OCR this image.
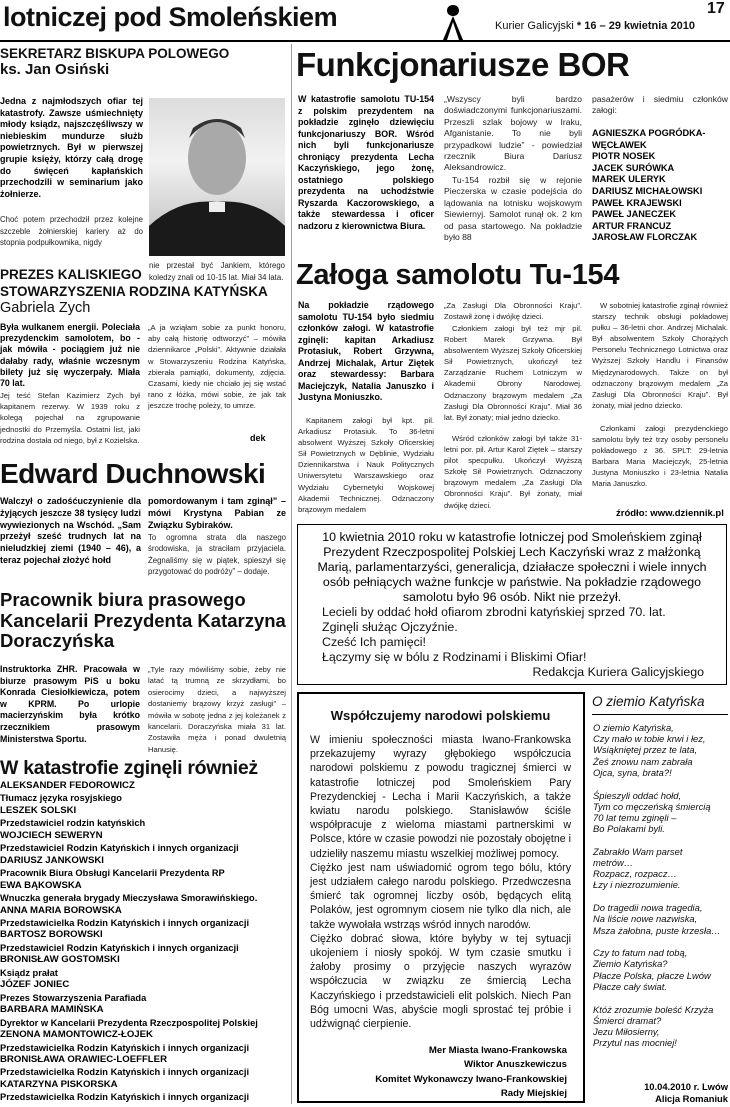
lotniczej pod Smoleńskiem	Kurier Galicyjski * 16 – 29 kwietnia 2010
17
SEKRETARZ BISKUPA POLOWEGO
ks. Jan Osiński
Jedna z najmłodszych ofiar tej katastrofy. Zawsze uśmiechnięty młody ksiądz, najszczęśliwszy w niebieskim mundurze służb powietrznych. Był w pierwszej grupie księży, którzy całą drogę do święceń kapłańskich przechodzili w seminarium jako żołnierze.
Choć potem przechodził przez kolejne szczeble żołnierskiej kariery aż do stopnia podpułkownika, nigdy
nie przestał być Jankiem, którego koledzy znali od 10-15 lat. Miał 34 lata.
PREZES KALISKIEGO STOWARZYSZENIA RODZINA KATYŃSKA
Gabriela Zych
Była wulkanem energii. Poleciała prezydenckim samolotem, bo - jak mówiła - pociągiem już nie dałaby rady, właśnie wczesnym bilety już się wyczerpały. Miała 70 lat.
Jej teść Stefan Kazimierz Zych był kapitanem rezerwy. W 1939 roku z kolegą pojechał na zgrupowanie jednostki do Przemyśla. Ostatni list, jaki rodzina dostała od niego, był z Kozielska.
„A ja wziąłam sobie za punkt honoru, aby całą historię odtworzyć” – mówiła dziennikarce „Polski”. Aktywnie działała w Stowarzyszeniu Rodzina Katyńska, zbierała pamiątki, dokumenty, zdjęcia. Czasami, kiedy nie chciało jej się wstać rano z łóżka, mówi sobie, że jak tak jeszcze trochę poleży, to umrze.
dek
Edward Duchnowski
Walczył o zadośćuczynienie dla żyjących jeszcze 38 tysięcy ludzi wywiezionych na Wschód. „Sam przeżył sześć trudnych lat na nieludzkiej ziemi (1940 – 46), a teraz pojechał złożyć hołd
pomordowanym i tam zginął” – mówi Krystyna Pabian ze Związku Sybiraków.
To ogromna strata dla naszego środowiska, ja straciłam przyjaciela. Żegnaliśmy się w piątek, spieszył się przygotować do podróży” – dodaje.
Pracownik biura prasowego Kancelarii Prezydenta Katarzyna Doraczyńska
Instruktorka ZHR. Pracowała w biurze prasowym PiS u boku Konrada Ciesiołkiewicza, potem w KPRM. Po urlopie macierzyńskim była krótko rzecznikiem prasowym Ministerstwa Sportu.
„Tyle razy mówiliśmy sobie, żeby nie latać tą trumną ze skrzydłami, bo osierocimy dzieci, a najwyższej dostaniemy brązowy krzyż zasługi” – mówiła w sobotę jedna z jej koleżanek z kancelarii. Doraczyńska miała 31 lat. Zostawiła męża i ponad dwuletnią Hanusię.
W katastrofie zginęli również
ALEKSANDER FEDOROWICZ
Tłumacz języka rosyjskiego
LESZEK SOLSKI
Przedstawiciel rodzin katyńskich
WOJCIECH SEWERYN
Przedstawiciel Rodzin Katyńskich i innych organizacji
DARIUSZ JANKOWSKI
Pracownik Biura Obsługi Kancelarii Prezydenta RP
EWA BĄKOWSKA
Wnuczka generała brygady Mieczysława Smorawińskiego.
ANNA MARIA BOROWSKA
Przedstawicielka Rodzin Katyńskich i innych organizacji
BARTOSZ BOROWSKI
Przedstawiciel Rodzin Katyńskich i innych organizacji
BRONISŁAW GOSTOMSKI
Ksiądz prałat
JÓZEF JONIEC
Prezes Stowarzyszenia Parafiada
BARBARA MAMIŃSKA
Dyrektor w Kancelarii Prezydenta Rzeczpospolitej Polskiej
ZENONA MAMONTOWICZ-ŁOJEK
Przedstawicielka Rodzin Katyńskich i innych organizacji
BRONISŁAWA ORAWIEC-LOEFFLER
Przedstawicielka Rodzin Katyńskich i innych organizacji
KATARZYNA PISKORSKA
Przedstawicielka Rodzin Katyńskich i innych organizacji
Funkcjonariusze BOR
W katastrofie samolotu TU-154 z polskim prezydentem na pokładzie zginęło dziewięciu funkcjonariuszy BOR. Wśród nich byli funkcjonariusze chroniący prezydenta Lecha Kaczyńskiego, jego żonę, ostatniego polskiego prezydenta na uchodźstwie Ryszarda Kaczorowskiego, a także stewardessa i oficer nadzoru z kierownictwa Biura.
„Wszyscy byli bardzo doświadczonymi funkcjonariuszami. Przeszli szlak bojowy w Iraku, Afganistanie. To nie byli przypadkowi ludzie” - powiedział rzecznik Biura Dariusz Aleksandrowicz.
Tu-154 rozbił się w rejonie Pieczerska w czasie podejścia do lądowania na lotnisku wojskowym Siewiernyj. Samolot runął ok. 2 km od pasa startowego. Na pokładzie było 88
pasażerów i siedmiu członków załogi:
AGNIESZKA POGRÓDKA-WĘCŁAWEK
PIOTR NOSEK
JACEK SURÓWKA
MAREK ULERYK
DARIUSZ MICHAŁOWSKI
PAWEŁ KRAJEWSKI
PAWEŁ JANECZEK
ARTUR FRANCUZ
JAROSŁAW FLORCZAK
Załoga samolotu Tu-154
Na pokładzie rządowego samolotu TU-154 było siedmiu członków załogi. W katastrofie zginęli: kapitan Arkadiusz Protasiuk, Robert Grzywna, Andrzej Michalak, Artur Ziętek oraz stewardessy: Barbara Maciejczyk, Natalia Januszko i Justyna Moniuszko.
Kapitanem załogi był kpt. pil. Arkadiusz Protasiuk. To 36-letni absolwent Wyższej Szkoły Oficerskiej Sił Powietrznych w Dęblinie, Wydziału Dziennikarstwa i Nauk Politycznych Uniwersytetu Warszawskiego oraz Wydziału Cybernetyki Wojskowej Akademii Technicznej. Odznaczony brązowym medalem
„Za Zasługi Dla Obronności Kraju”. Zostawił żonę i dwójkę dzieci.
Członkiem załogi był też mjr pil. Robert Marek Grzywna. Był absolwentem Wyższej Szkoły Oficerskiej Sił Powietrznych, ukończył też Zarządzanie Ruchem Lotniczym w Akademii Obrony Narodowej. Odznaczony brązowym medalem „Za Zasługi Dla Obronności Kraju”. Miał 36 lat. Był żonaty; miał jedno dziecko.
Wśród członków załogi był także 31-letni por. pil. Artur Karol Ziętek – starszy pilot specpułku. Ukończył Wyższą Szkołę Sił Powietrznych. Odznaczony brązowym medalem „Za Zasługi Dla Obronności Kraju”. Był żonaty, miał dwójkę dzieci.
W sobotniej katastrofie zginął również starszy technik obsługi pokładowej pułku – 36-letni chor. Andrzej Michalak. Był absolwentem Szkoły Chorążych Personelu Technicznego Lotnictwa oraz Wyższej Szkoły Handlu i Finansów Międzynarodowych. Także on był odznaczony brązowym medalem „Za Zasługi Dla Obronności Kraju”. Był żonaty, miał jedno dziecko.
Członkami załogi prezydenckiego samolotu były też trzy osoby personelu pokładowego z 36. SPLT: 29-letnia Barbara Maria Maciejczyk, 25-letnia Justyna Moniuszko i 23-letnia Natalia Maria Januszko.
źródło: www.dziennik.pl
10 kwietnia 2010 roku w katastrofie lotniczej pod Smoleńskiem zginął Prezydent Rzeczpospolitej Polskiej Lech Kaczyński wraz z małżonką Marią, parlamentarzyści, generalicja, działacze społeczni i wiele innych osób pełniących ważne funkcje w państwie. Na pokładzie rządowego samolotu było 96 osób. Nikt nie przeżył.
Lecieli by oddać hołd ofiarom zbrodni katyńskiej sprzed 70. lat.
Zginęli służąc Ojczyźnie.
Cześć Ich pamięci!
Łączymy się w bólu z Rodzinami i Bliskimi Ofiar!
Redakcja Kuriera Galicyjskiego
Współczujemy narodowi polskiemu
W imieniu społeczności miasta Iwano-Frankowska przekazujemy wyrazy głębokiego współczucia narodowi polskiemu z powodu tragicznej śmierci w katastrofie lotniczej pod Smoleńskiem Pary Prezydenckiej - Lecha i Marii Kaczyńskich, a także kwiatu narodu polskiego. Stanisławów ściśle współpracuje z wieloma miastami partnerskimi w Polsce, które w czasie powodzi nie pozostały obojętne i udzieliły naszemu miastu wszelkiej możliwej pomocy.
Ciężko jest nam uświadomić ogrom tego bólu, który jest udziałem całego narodu polskiego. Przedwczesna śmierć tak ogromnej liczby osób, będących elitą Polaków, jest ogromnym ciosem nie tylko dla nich, ale także wywołała wstrząs wśród innych narodów.
Ciężko dobrać słowa, które byłyby w tej sytuacji ukojeniem i niosły spokój. W tym czasie smutku i żałoby prosimy o przyjęcie naszych wyrazów współczucia w związku ze śmiercią Lecha Kaczyńskiego i przedstawicieli elit polskich. Niech Pan Bóg umocni Was, abyście mogli sprostać tej próbie i udźwignąć cierpienie.
Mer Miasta Iwano-Frankowska
Wiktor Anuszkewiczus
Komitet Wykonawczy Iwano-Frankowskiej
Rady Miejskiej
O ziemio Katyńska
O ziemio Katyńska,
Czy mało w tobie krwi i łez,
Wsiąkniętej przez te lata,
Żeś znowu nam zabrała
Ojca, syna, brata?!
Śpieszyli oddać hołd,
Tym co męczeńską śmiercią
70 lat temu zginęli –
Bo Polakami byli.
Zabrakło Wam parset
metrów…
Rozpacz, rozpacz…
Łzy i niezrozumienie.
Do tragedii nowa tragedia,
Na liście nowe nazwiska,
Msza żałobna, puste krzesła…
Czy to fatum nad tobą,
Ziemio Katyńska?
Płacze Polska, płacze Lwów
Płacze cały świat.
Któż zrozumie boleść Krzyża
Śmierci dramat?
Jezu Miłosierny,
Przytul nas mocniej!
10.04.2010 r. Lwów
Alicja Romaniuk
